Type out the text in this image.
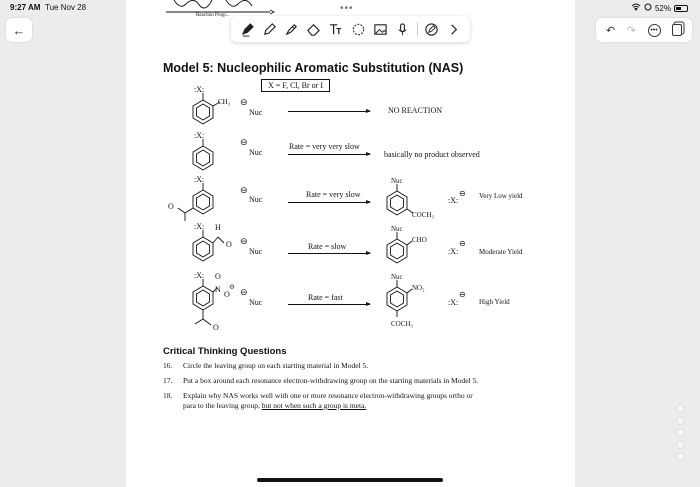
9:27 AM Tue Nov 28	52%
Reaction Progr...
Model 5: Nucleophilic Aromatic Substitution (NAS)
X = F, Cl, Br or I
:X:
CH₃ ⊖
Nuc	NO REACTION
:X:
⊖
Nuc
Rate = very very slow
basically no product observed
:X:
O
⊖
Nuc
Rate = very slow
Nuc
COCH₃
:X:
⊖ Very Low yield
:X: H
O ⊖
Nuc
Rate = slow
Nuc
CHO
:X:
⊖
Moderate Yield
:X: O
N
O
⊖
O
⊖
Nuc
Rate = fast
Nuc
NO₂
COCH₃
:X:
⊖
High Yield
Critical Thinking Questions
16. Circle the leaving group on each starting material in Model 5.
17. Put a box around each resonance electron-withdrawing group on the starting materials in Model 5.
18. Explain why NAS works well with one or more resonance electron-withdrawing groups ortho or
para to the leaving group, but not when such a group is meta.
←
•••
↶ ↷ •••
